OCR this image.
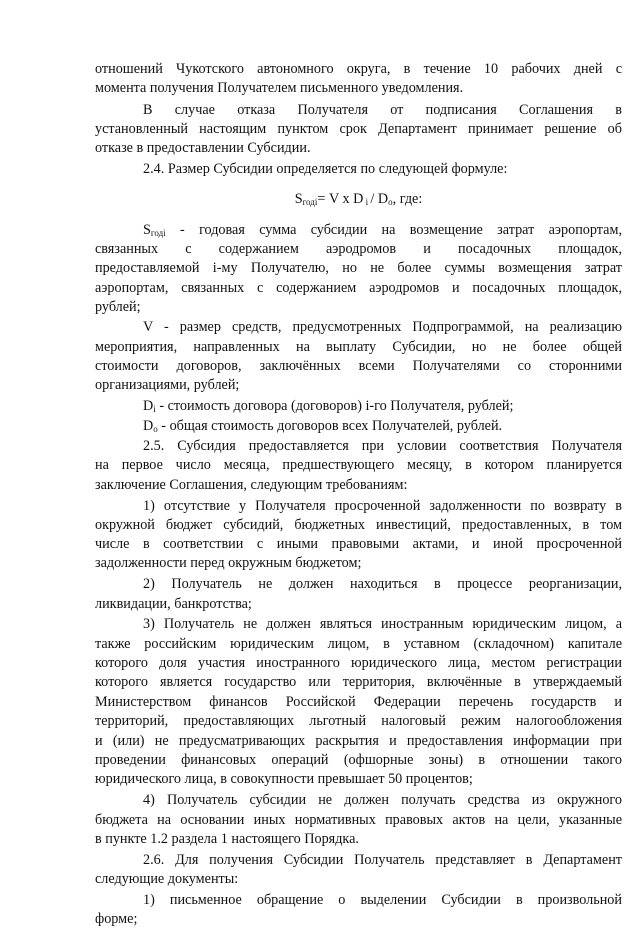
отношений Чукотского автономного округа, в течение 10 рабочих дней с
момента получения Получателем письменного уведомления.
В случае отказа Получателя от подписания Соглашения в
установленный настоящим пунктом срок Департамент принимает решение об
отказе в предоставлении Субсидии.
2.4. Размер Субсидии определяется по следующей формуле:
$S_{годі}= V$ x D $_i / D_о$, где:
$S_{годі}$ - годовая сумма субсидии на возмещение затрат аэропортам,
связанных с содержанием аэродромов и посадочных площадок,
предоставляемой i-му Получателю, но не более суммы возмещения затрат
аэропортам, связанных с содержанием аэродромов и посадочных площадок,
рублей;
V - размер средств, предусмотренных Подпрограммой, на реализацию
мероприятия, направленных на выплату Субсидии, но не более общей
стоимости договоров, заключённых всеми Получателями со сторонними
организациями, рублей;
$D_i$ - стоимость договора (договоров) i-го Получателя, рублей;
$D_о$ - общая стоимость договоров всех Получателей, рублей.
2.5. Субсидия предоставляется при условии соответствия Получателя
на первое число месяца, предшествующего месяцу, в котором планируется
заключение Соглашения, следующим требованиям:
1) отсутствие у Получателя просроченной задолженности по возврату в
окружной бюджет субсидий, бюджетных инвестиций, предоставленных, в том
числе в соответствии с иными правовыми актами, и иной просроченной
задолженности перед окружным бюджетом;
2) Получатель не должен находиться в процессе реорганизации,
ликвидации, банкротства;
3) Получатель не должен являться иностранным юридическим лицом, а
также российским юридическим лицом, в уставном (складочном) капитале
которого доля участия иностранного юридического лица, местом регистрации
которого является государство или территория, включённые в утверждаемый
Министерством финансов Российской Федерации перечень государств и
территорий, предоставляющих льготный налоговый режим налогообложения
и (или) не предусматривающих раскрытия и предоставления информации при
проведении финансовых операций (офшорные зоны) в отношении такого
юридического лица, в совокупности превышает 50 процентов;
4) Получатель субсидии не должен получать средства из окружного
бюджета на основании иных нормативных правовых актов на цели, указанные
в пункте 1.2 раздела 1 настоящего Порядка.
2.6. Для получения Субсидии Получатель представляет в Департамент
следующие документы:
1) письменное обращение о выделении Субсидии в произвольной
форме;
